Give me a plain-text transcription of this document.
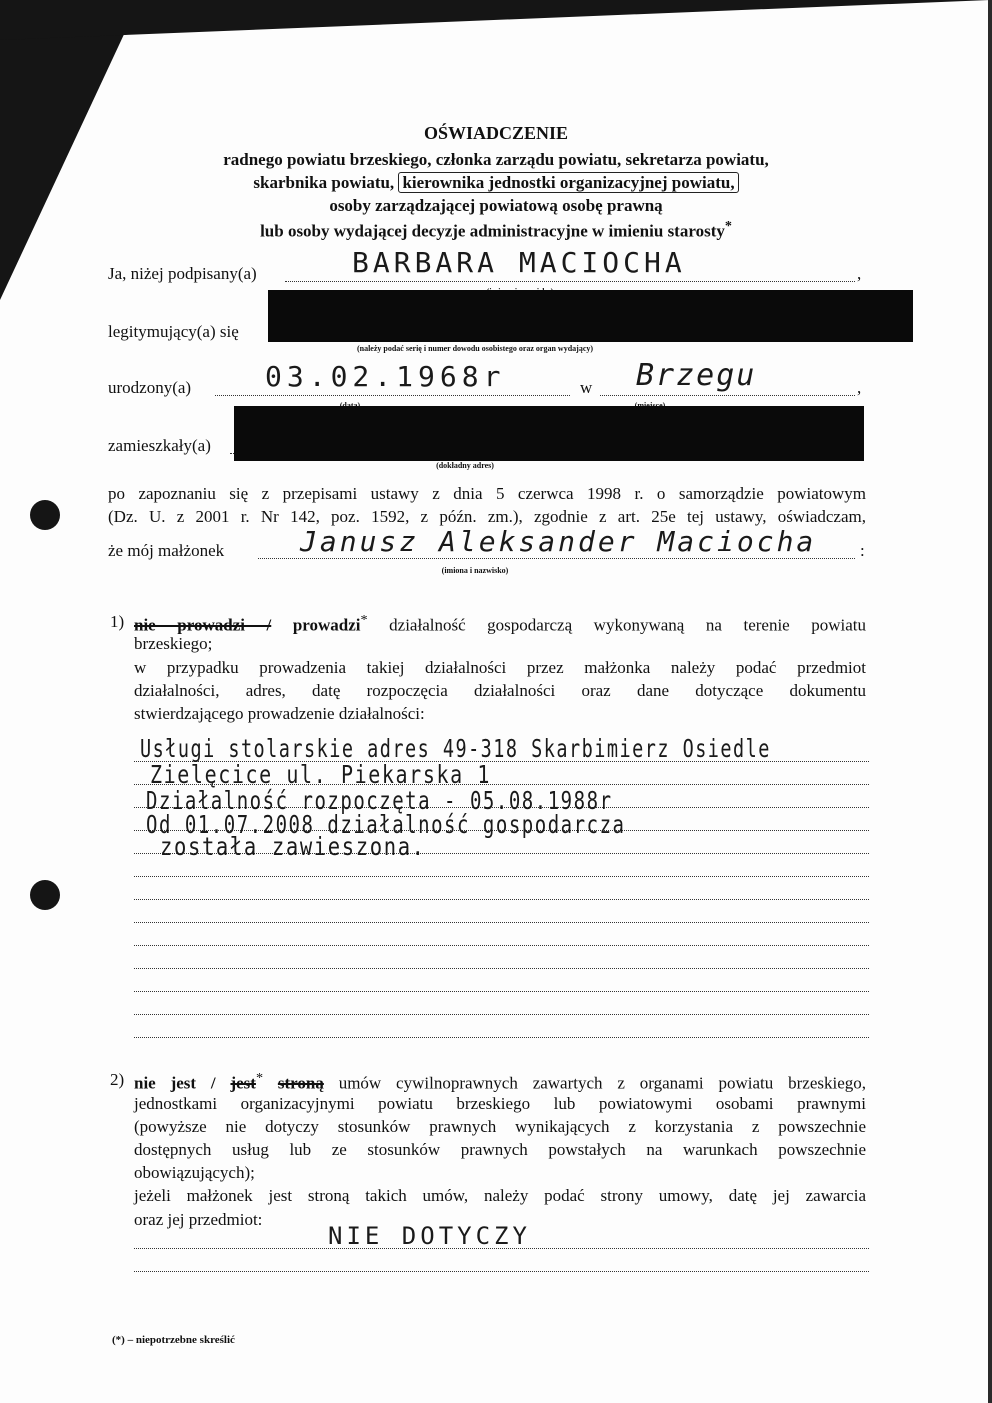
OŚWIADCZENIE
radnego powiatu brzeskiego, członka zarządu powiatu, sekretarza powiatu,
skarbnika powiatu, kierownika jednostki organizacyjnej powiatu,
osoby zarządzającej powiatową osobę prawną
lub osoby wydającej decyzje administracyjne w imieniu starosty*
Ja, niżej podpisany(a)	,
BARBARA MACIOCHA
legitymujący(a) się
(należy podać serię i numer dowodu osobistego oraz organ wydający)
urodzony(a)	03.02.1968r	w	,
Brzegu
zamieszkały(a)
(dokładny adres)
po zapoznaniu się z przepisami ustawy z dnia 5 czerwca 1998 r. o samorządzie powiatowym
(Dz. U. z 2001 r. Nr 142, poz. 1592, z późn. zm.), zgodnie z art. 25e tej ustawy, oświadczam,
że mój małżonek	:
Janusz Aleksander Maciocha
(imiona i nazwisko)
1) nie prowadzi / prowadzi* działalność gospodarczą wykonywaną na terenie powiatu
brzeskiego;
w przypadku prowadzenia takiej działalności przez małżonka należy podać przedmiot
działalności, adres, datę rozpoczęcia działalności oraz dane dotyczące dokumentu
stwierdzającego prowadzenie działalności:
Usługi stolarskie adres 49-318 Skarbimierz Osiedle
Zielęcice ul. Piekarska 1
Działalność rozpoczęta - 05.08.1988r
Od 01.07.2008 działalność gospodarcza
została zawieszona.
2) nie jest / jest* stroną umów cywilnoprawnych zawartych z organami powiatu brzeskiego,
jednostkami organizacyjnymi powiatu brzeskiego lub powiatowymi osobami prawnymi
(powyższe nie dotyczy stosunków prawnych wynikających z korzystania z powszechnie
dostępnych usług lub ze stosunków prawnych powstałych na warunkach powszechnie
obowiązujących);
jeżeli małżonek jest stroną takich umów, należy podać strony umowy, datę jej zawarcia
oraz jej przedmiot:
NIE DOTYCZY
(*) – niepotrzebne skreślić
